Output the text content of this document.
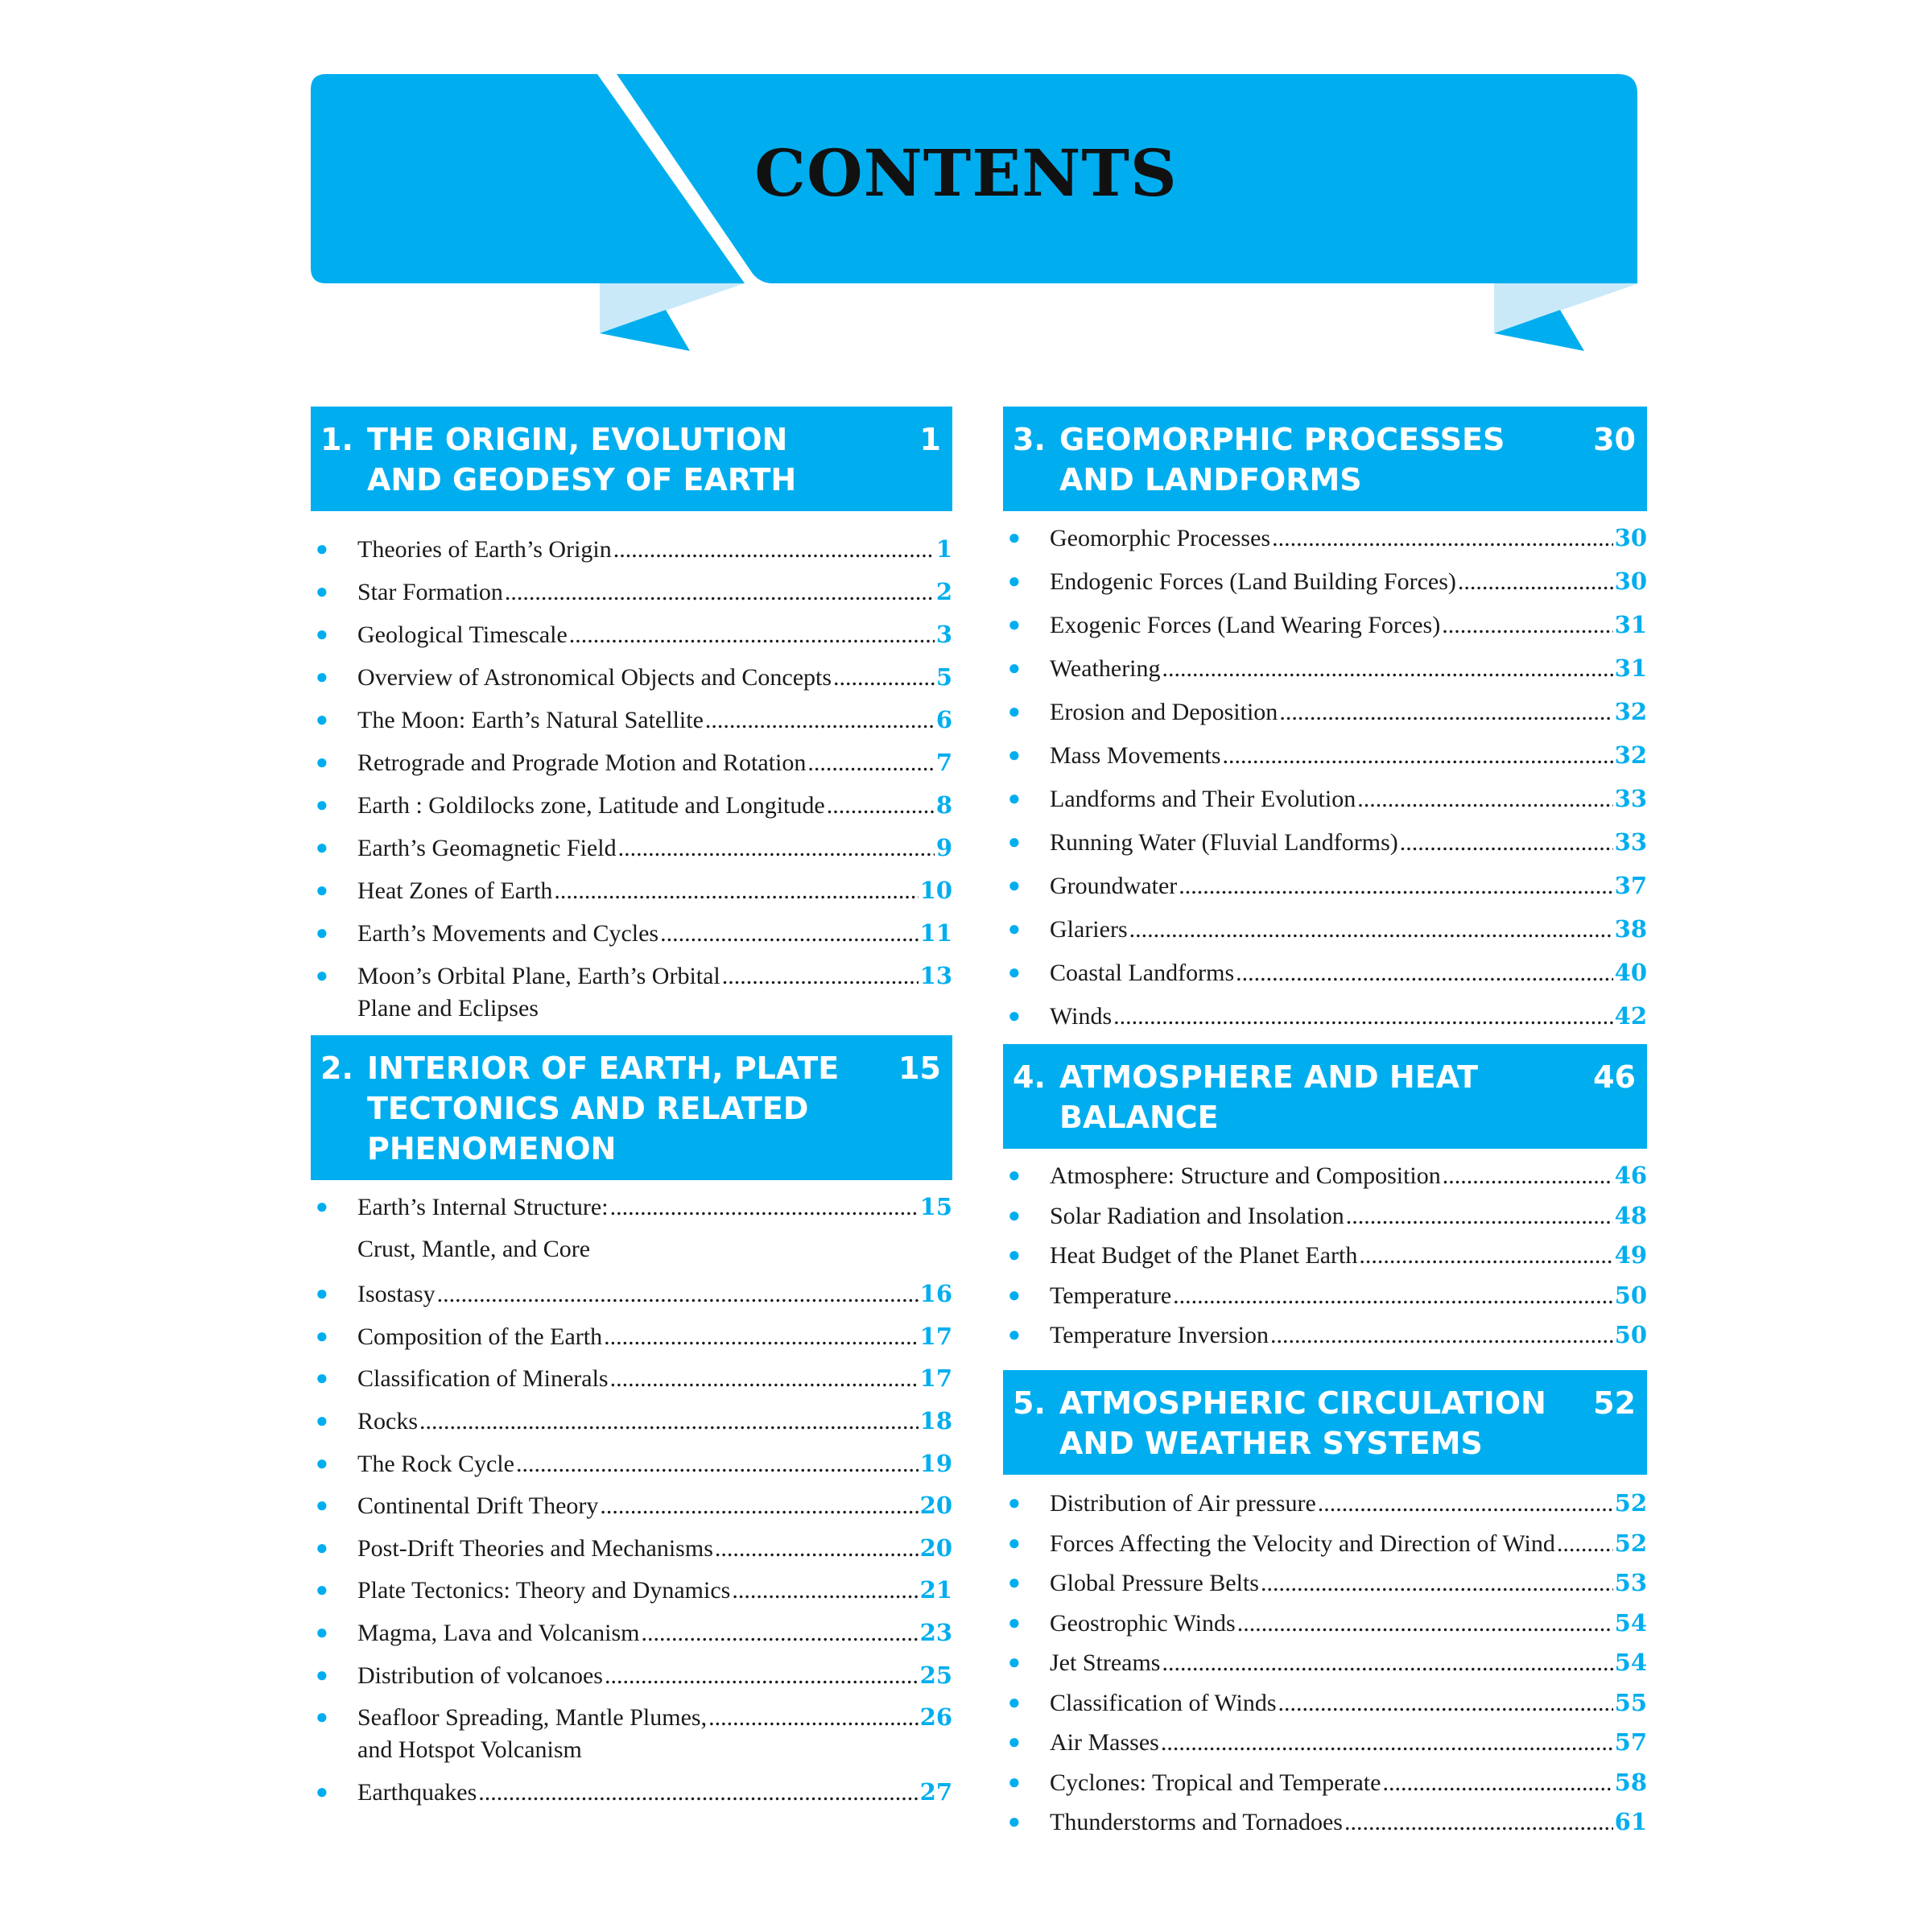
CONTENTS
1. THE ORIGIN, EVOLUTION AND GEODESY OF EARTH
1
● Theories of Earth’s Origin .....	1
● Star Formation .....	2
● Geological Timescale .....	3
● Overview of Astronomical Objects and Concepts .....	5
● The Moon: Earth’s Natural Satellite .....	6
● Retrograde and Prograde Motion and Rotation .....	7
● Earth : Goldilocks zone, Latitude and Longitude .....	8
● Earth’s Geomagnetic Field .....	9
● Heat Zones of Earth .....	10
● Earth’s Movements and Cycles .....	11
● Moon’s Orbital Plane, Earth’s Orbital .....	13
Plane and Eclipses
2. INTERIOR OF EARTH, PLATE TECTONICS AND RELATED PHENOMENON
15
● Earth’s Internal Structure: .....	15
Crust, Mantle, and Core
● Isostasy .....	16
● Composition of the Earth .....	17
● Classification of Minerals .....	17
● Rocks .....	18
● The Rock Cycle .....	19
● Continental Drift Theory .....	20
● Post-Drift Theories and Mechanisms .....	20
● Plate Tectonics: Theory and Dynamics .....	21
● Magma, Lava and Volcanism .....	23
● Distribution of volcanoes .....	25
● Seafloor Spreading, Mantle Plumes, .....	26
and Hotspot Volcanism
● Earthquakes .....	27
3. GEOMORPHIC PROCESSES AND LANDFORMS
30
● Geomorphic Processes .....	30
● Endogenic Forces (Land Building Forces) .....	30
● Exogenic Forces (Land Wearing Forces) .....	31
● Weathering .....	31
● Erosion and Deposition .....	32
● Mass Movements .....	32
● Landforms and Their Evolution .....	33
● Running Water (Fluvial Landforms) .....	33
● Groundwater .....	37
● Glariers .....	38
● Coastal Landforms .....	40
● Winds .....	42
4. ATMOSPHERE AND HEAT BALANCE
46
● Atmosphere: Structure and Composition .....	46
● Solar Radiation and Insolation .....	48
● Heat Budget of the Planet Earth .....	49
● Temperature .....	50
● Temperature Inversion .....	50
5. ATMOSPHERIC CIRCULATION AND WEATHER SYSTEMS
52
● Distribution of Air pressure .....	52
● Forces Affecting the Velocity and Direction of Wind .....	52
● Global Pressure Belts .....	53
● Geostrophic Winds .....	54
● Jet Streams .....	54
● Classification of Winds .....	55
● Air Masses .....	57
● Cyclones: Tropical and Temperate .....	58
● Thunderstorms and Tornadoes .....	61
